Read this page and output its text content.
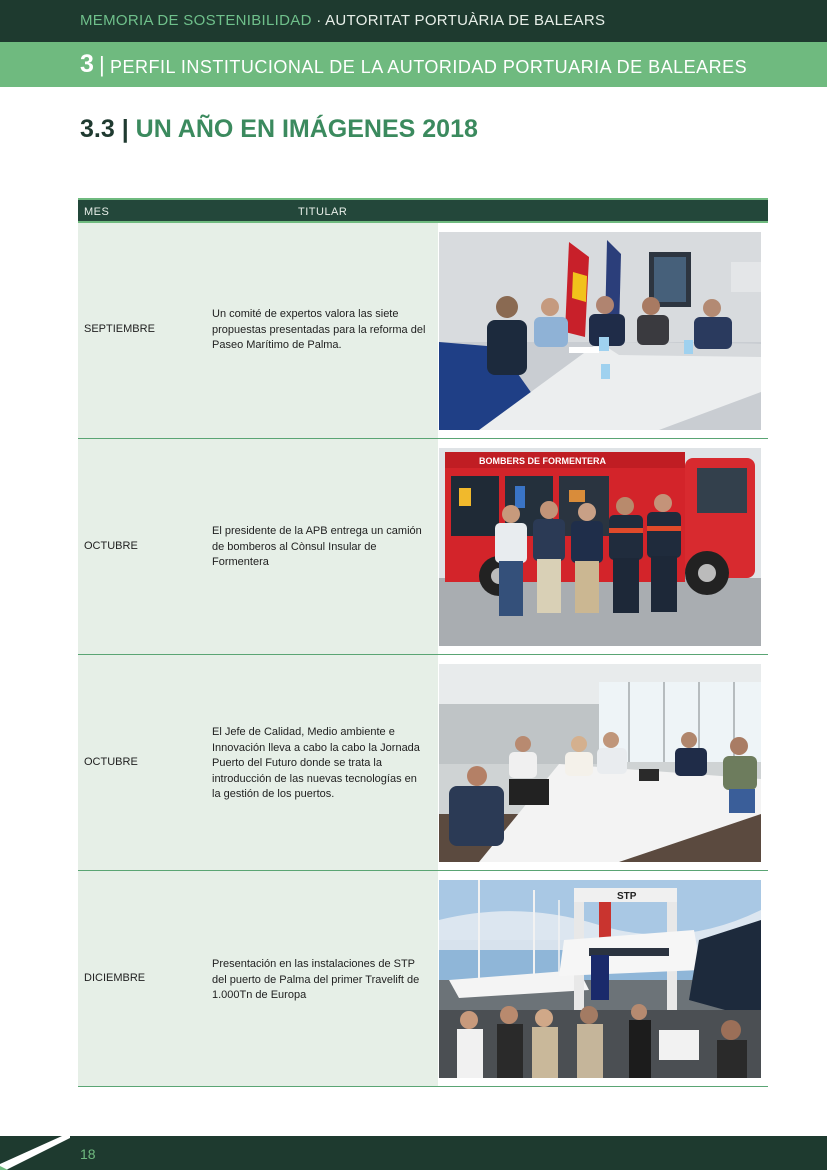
MEMORIA DE SOSTENIBILIDAD · AUTORITAT PORTUÀRIA DE BALEARS
3 | PERFIL INSTITUCIONAL DE LA AUTORIDAD PORTUARIA DE BALEARES
3.3 | UN AÑO EN IMÁGENES 2018
MES	TITULAR
SEPTIEMBRE
Un comité de expertos valora las siete propuestas presentadas para la reforma del Paseo Marítimo de Palma.
OCTUBRE
El presidente de la APB entrega un camión de bomberos al Cònsul Insular de Formentera
BOMBERS DE FORMENTERA
OCTUBRE
El Jefe de Calidad, Medio ambiente e Innovación lleva a cabo la cabo la Jornada Puerto del Futuro donde se trata la introducción de las nuevas tecnologías en la gestión de los puertos.
DICIEMBRE
Presentación en las instalaciones de STP del puerto de Palma del primer Travelift de 1.000Tn de Europa
STP
18
